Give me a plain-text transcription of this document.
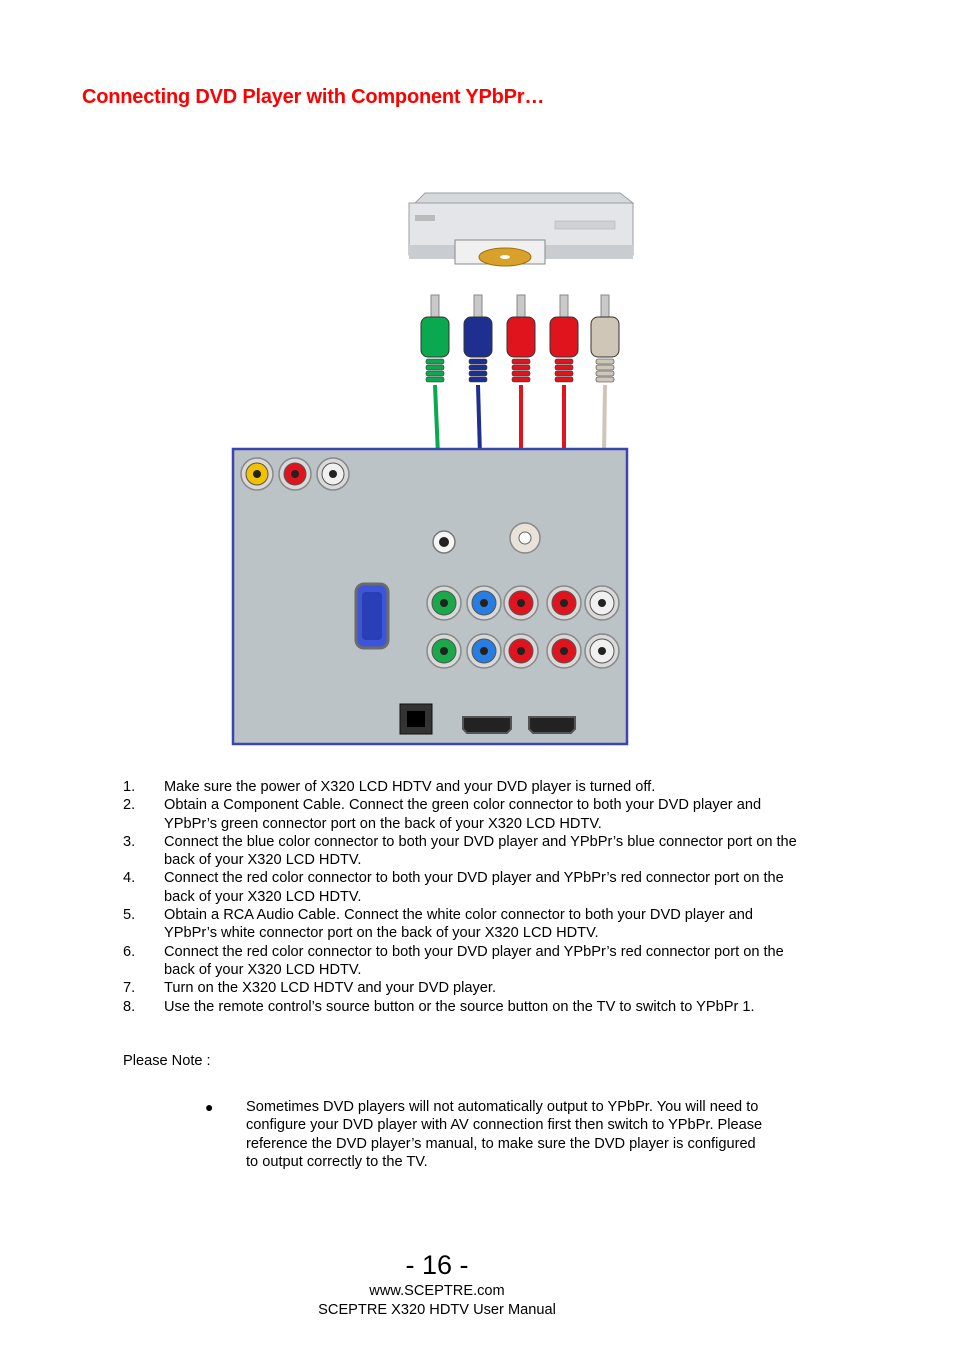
Connecting DVD Player with Component YPbPr…
1.	Make sure the power of X320 LCD HDTV and your DVD player is turned off.
2.	Obtain a Component Cable. Connect the green color connector to both your DVD player and YPbPr’s green connector port on the back of your X320 LCD HDTV.
3.	Connect the blue color connector to both your DVD player and YPbPr’s blue connector port on the back of your X320 LCD HDTV.
4.	Connect the red color connector to both your DVD player and YPbPr’s red connector port on the back of your X320 LCD HDTV.
5.	Obtain a RCA Audio Cable. Connect the white color connector to both your DVD player and YPbPr’s white connector port on the back of your X320 LCD HDTV.
6.	Connect the red color connector to both your DVD player and YPbPr’s red connector port on the back of your X320 LCD HDTV.
7.	Turn on the X320 LCD HDTV and your DVD player.
8.	Use the remote control’s source button or the source button on the TV to switch to YPbPr 1.
Please Note :
●	Sometimes DVD players will not automatically output to YPbPr. You will need to configure your DVD player with AV connection first then switch to YPbPr. Please reference the DVD player’s manual, to make sure the DVD player is configured to output correctly to the TV.
- 16 -
www.SCEPTRE.com
SCEPTRE X320 HDTV User Manual
